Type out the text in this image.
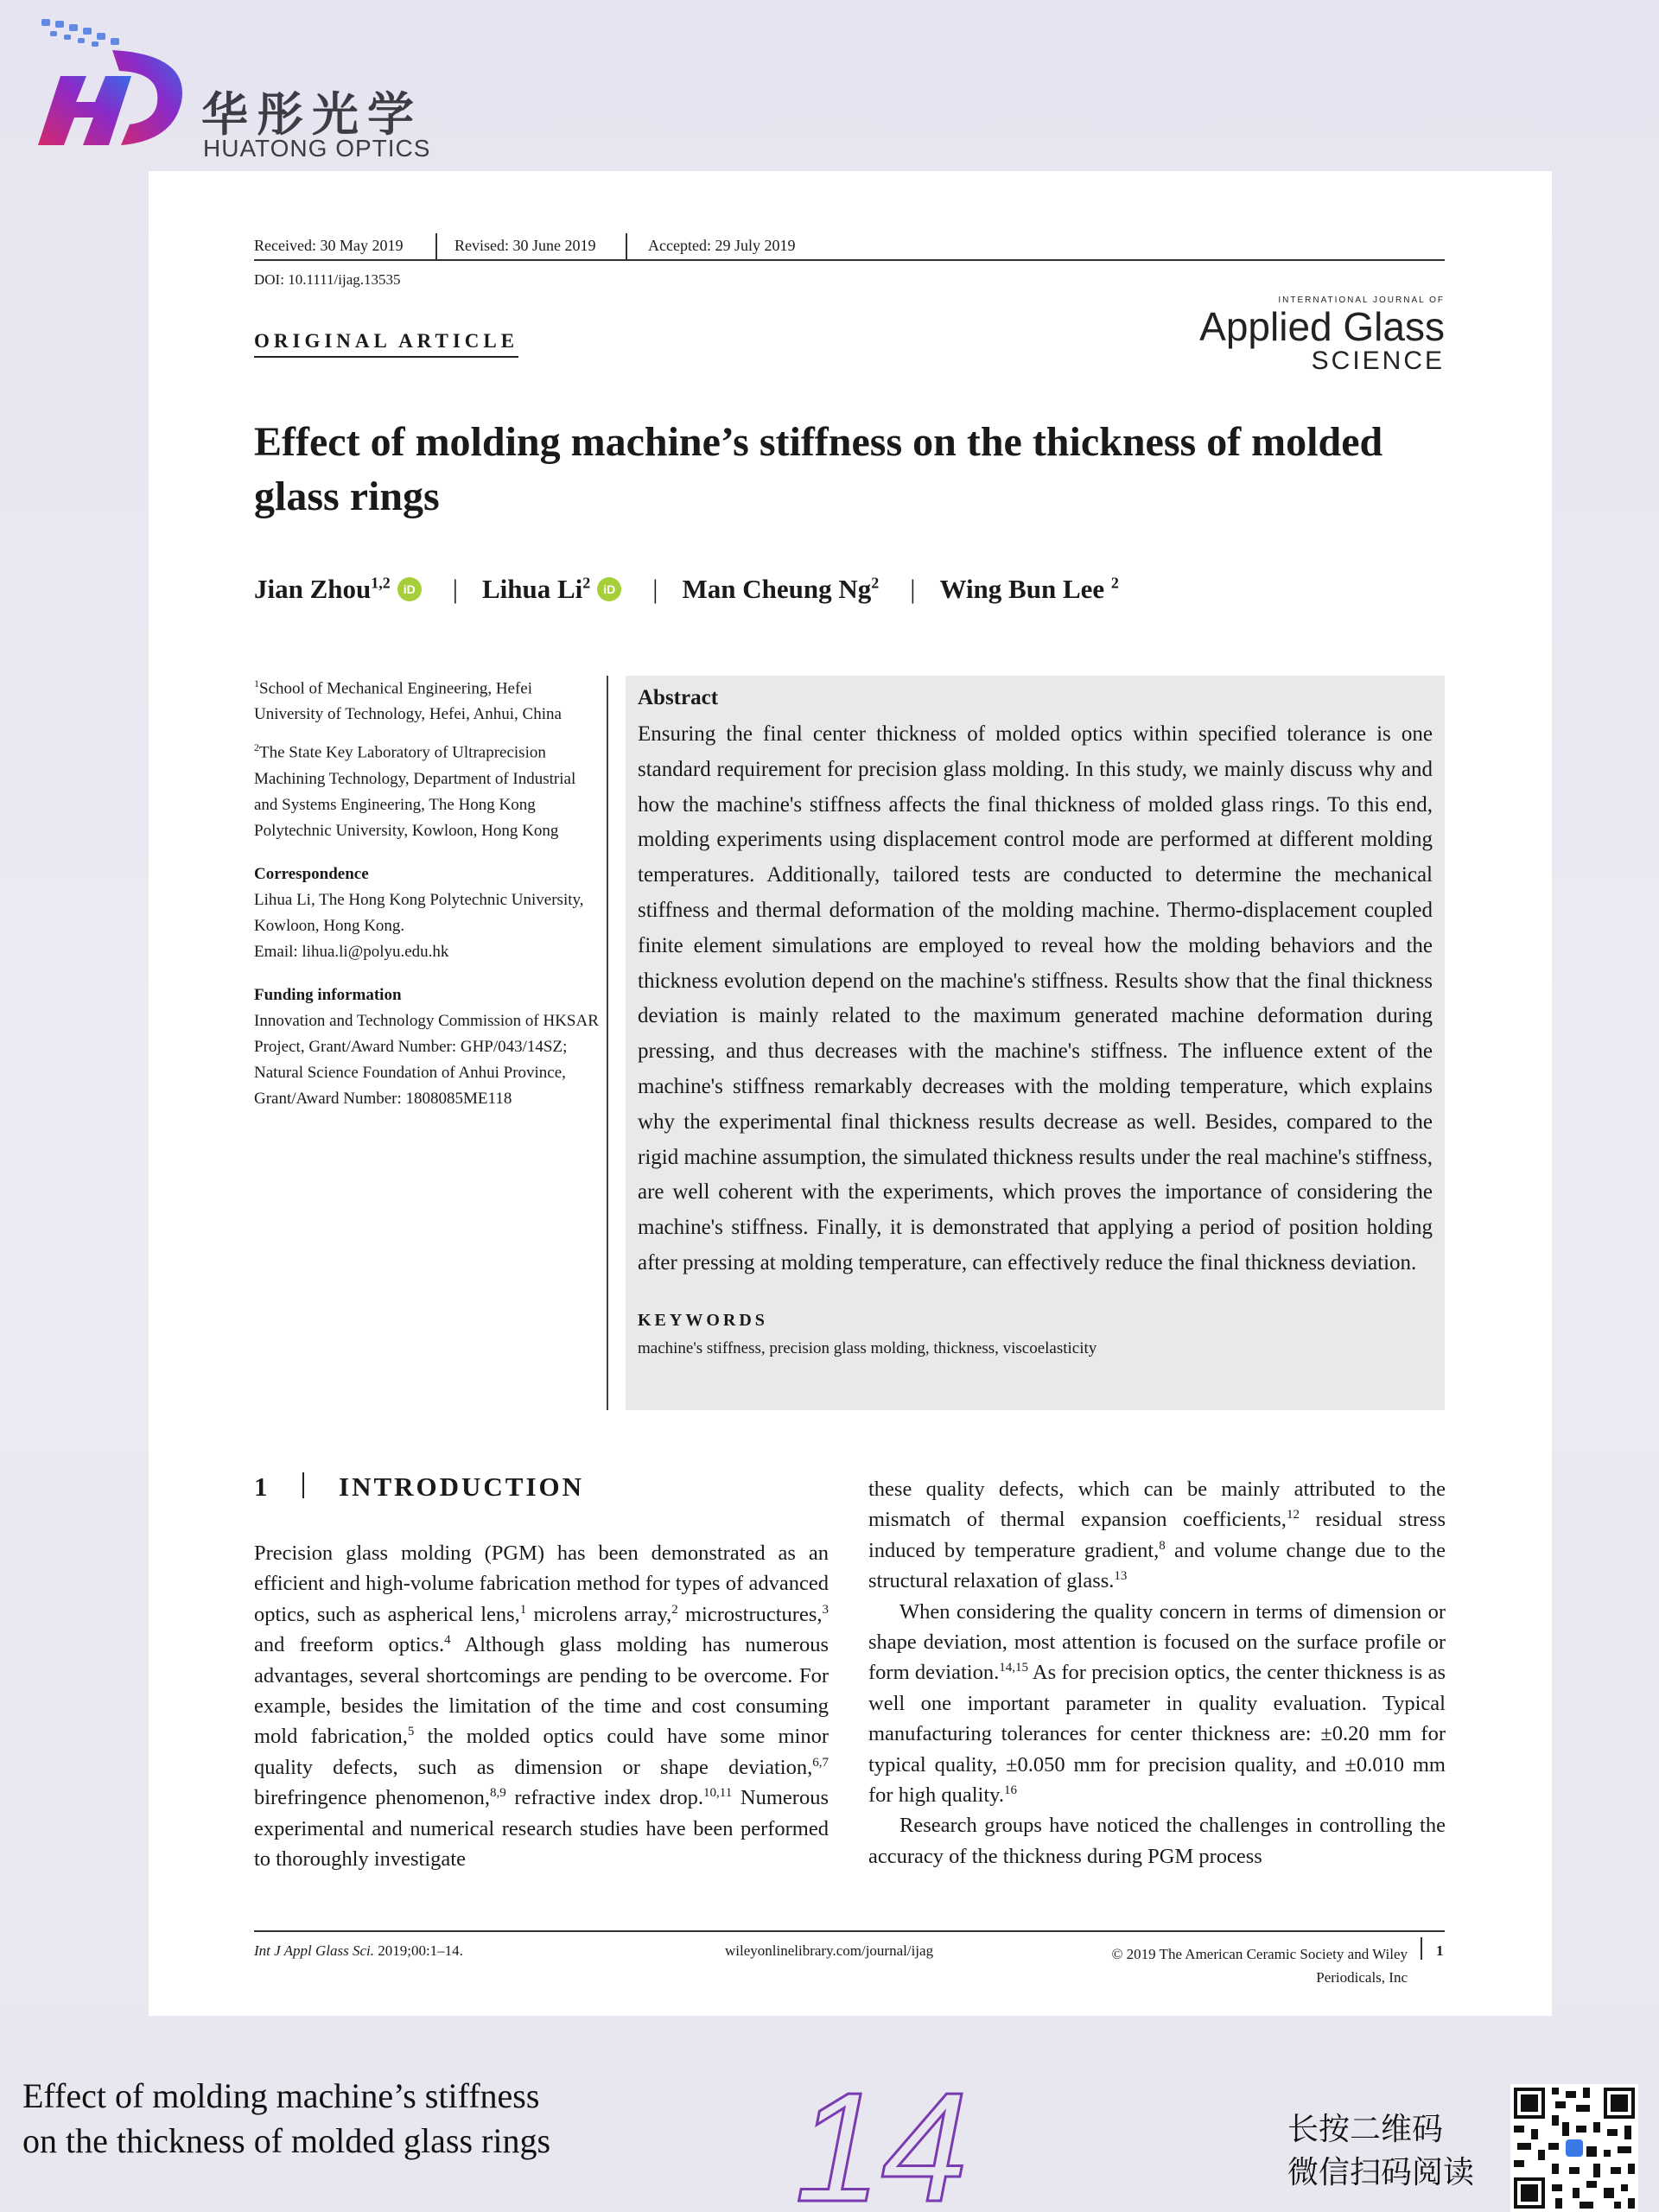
华彤光学
HUATONG OPTICS
Received: 30 May 2019	Revised: 30 June 2019	Accepted: 29 July 2019
DOI: 10.1111/ijag.13535
ORIGINAL ARTICLE
INTERNATIONAL JOURNAL OF
Applied Glass
SCIENCE
Effect of molding machine’s stiffness on the thickness of molded glass rings
Jian Zhou$^{1,2}$	iD | Lihua Li$^2$	iD | Man Cheung Ng$^2$ | Wing Bun Lee $^2$

$^1$School of Mechanical Engineering, Hefei University of Technology, Hefei, Anhui, China

$^2$The State Key Laboratory of Ultraprecision Machining Technology, Department of Industrial and Systems Engineering, The Hong Kong Polytechnic University, Kowloon, Hong Kong

Correspondence

Lihua Li, The Hong Kong Polytechnic University, Kowloon, Hong Kong.
Email: lihua.li@polyu.edu.hk

Funding information

Innovation and Technology Commission of HKSAR Project, Grant/Award Number: GHP/043/14SZ; Natural Science Foundation of Anhui Province, Grant/Award Number: 1808085ME118

Abstract

Ensuring the final center thickness of molded optics within specified tolerance is one standard requirement for precision glass molding. In this study, we mainly discuss why and how the machine's stiffness affects the final thickness of molded glass rings. To this end, molding experiments using displacement control mode are performed at different molding temperatures. Additionally, tailored tests are conducted to determine the mechanical stiffness and thermal deformation of the molding machine. Thermo-displacement coupled finite element simulations are employed to reveal how the molding behaviors and the thickness evolution depend on the machine's stiffness. Results show that the final thickness deviation is mainly related to the maximum generated machine deformation during pressing, and thus decreases with the machine's stiffness. The influence extent of the machine's stiffness remarkably decreases with the molding temperature, which explains why the experimental final thickness results decrease as well. Besides, compared to the rigid machine assumption, the simulated thickness results under the real machine's stiffness, are well coherent with the experiments, which proves the importance of considering the machine's stiffness. Finally, it is demonstrated that applying a period of position holding after pressing at molding temperature, can effectively reduce the final thickness deviation.

KEYWORDS

machine's stiffness, precision glass molding, thickness, viscoelasticity

1	INTRODUCTION

Precision glass molding (PGM) has been demonstrated as an efficient and high-volume fabrication method for types of advanced optics, such as aspherical lens,$^1$ microlens array,$^2$ microstructures,$^3$ and freeform optics.$^4$ Although glass molding has numerous advantages, several shortcomings are pending to be overcome. For example, besides the limitation of the time and cost consuming mold fabrication,$^5$ the molded optics could have some minor quality defects, such as dimension or shape deviation,$^{6,7}$ birefringence phenomenon,$^{8,9}$ refractive index drop.$^{10,11}$ Numerous experimental and numerical research studies have been performed to thoroughly investigate

these quality defects, which can be mainly attributed to the mismatch of thermal expansion coefficients,$^{12}$ residual stress induced by temperature gradient,$^8$ and volume change due to the structural relaxation of glass.$^{13}$

When considering the quality concern in terms of dimension or shape deviation, most attention is focused on the surface profile or form deviation.$^{14,15}$ As for precision optics, the center thickness is as well one important parameter in quality evaluation. Typical manufacturing tolerances for center thickness are: ±0.20 mm for typical quality, ±0.050 mm for precision quality, and ±0.010 mm for high quality.$^{16}$

Research groups have noticed the challenges in controlling the accuracy of the thickness during PGM process

Int J Appl Glass Sci. 2019;00:1–14.	wileyonlinelibrary.com/journal/ijag	© 2019 The American Ceramic Society and Wiley
Periodicals, Inc
1
Effect of molding machine’s stiffness
on the thickness of molded glass rings 14	长按二维码
微信扫码阅读
